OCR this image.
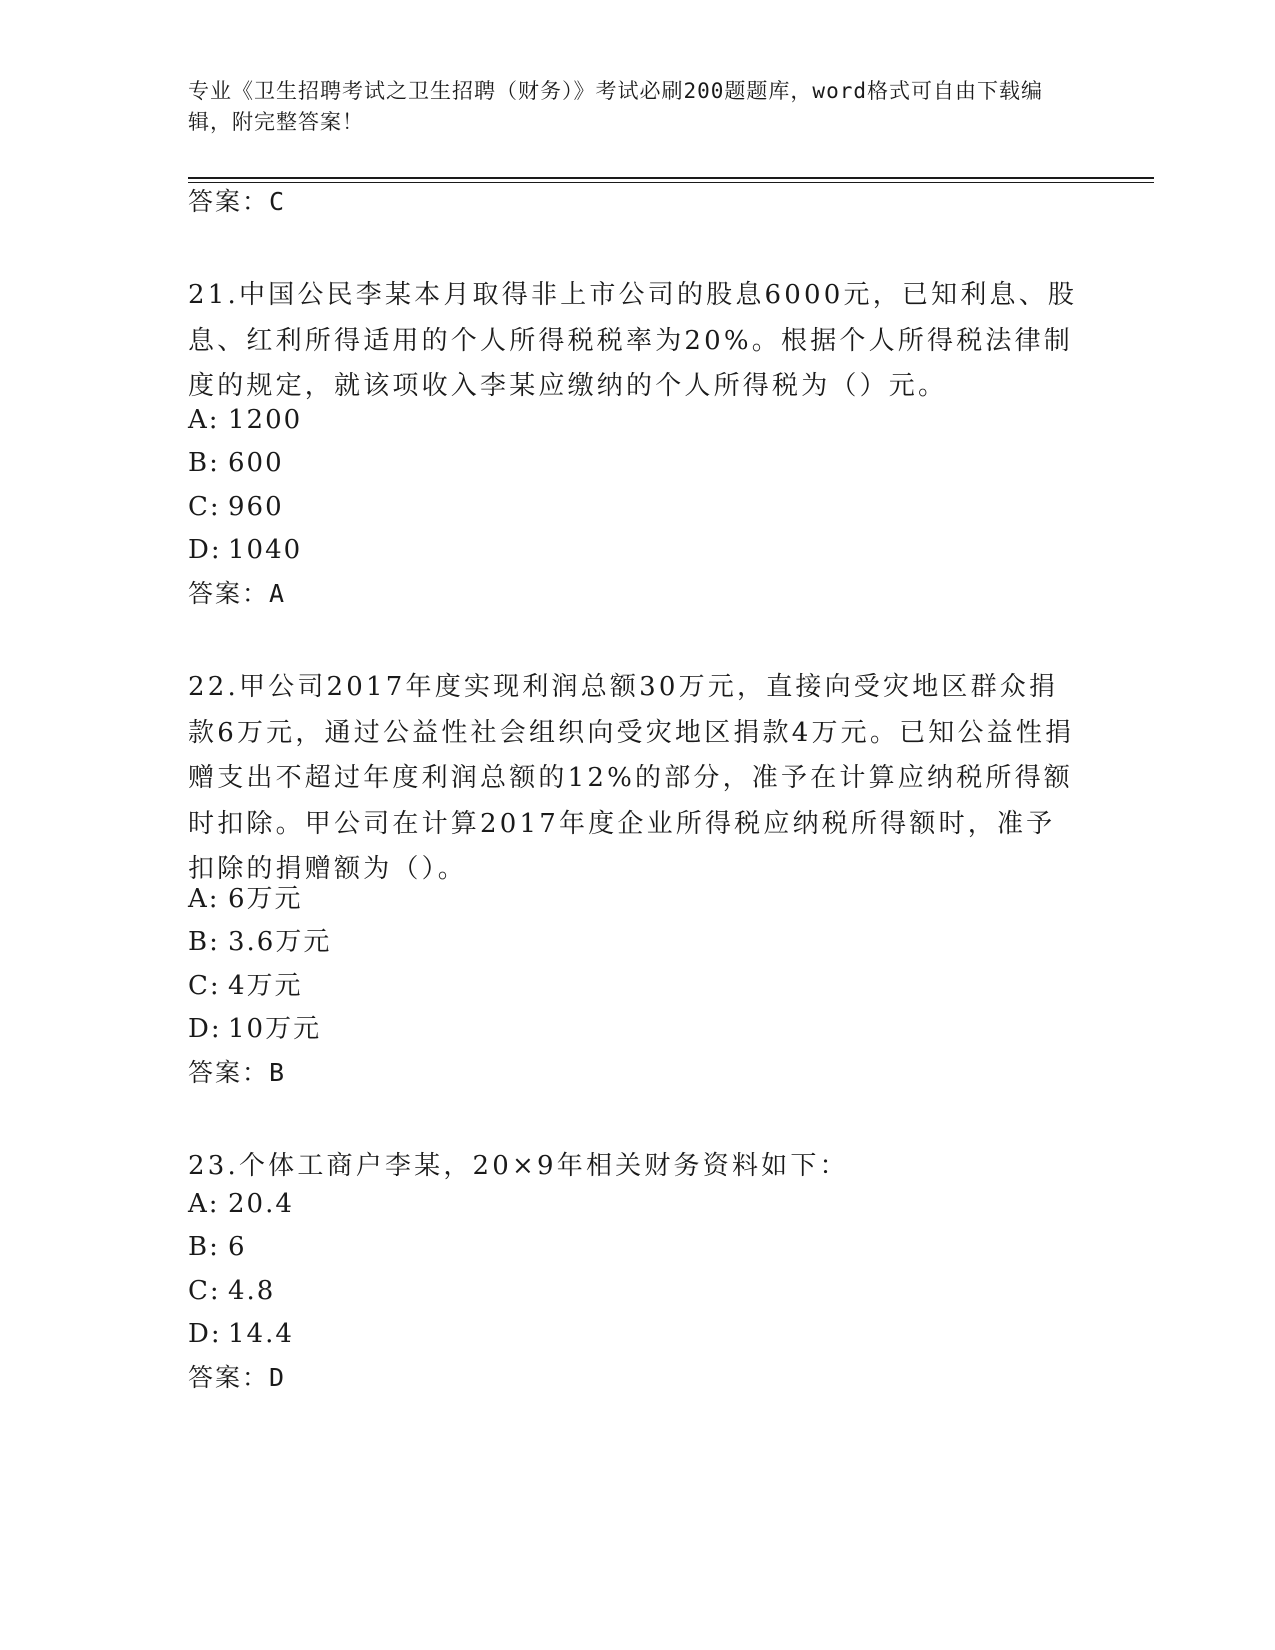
专业《卫生招聘考试之卫生招聘（财务）》考试必刷200题题库，word格式可自由下载编辑，附完整答案！
答案：C
21.中国公民李某本月取得非上市公司的股息6000元，已知利息、股息、红利所得适用的个人所得税税率为20%。根据个人所得税法律制度的规定，就该项收入李某应缴纳的个人所得税为（）元。
A: 1200
B: 600
C: 960
D: 1040
答案：A
22.甲公司2017年度实现利润总额30万元，直接向受灾地区群众捐款6万元，通过公益性社会组织向受灾地区捐款4万元。已知公益性捐赠支出不超过年度利润总额的12%的部分，准予在计算应纳税所得额时扣除。甲公司在计算2017年度企业所得税应纳税所得额时，准予扣除的捐赠额为（）。
A: 6万元
B: 3.6万元
C: 4万元
D: 10万元
答案：B
23.个体工商户李某，20×9年相关财务资料如下：
A: 20.4
B: 6
C: 4.8
D: 14.4
答案：D
